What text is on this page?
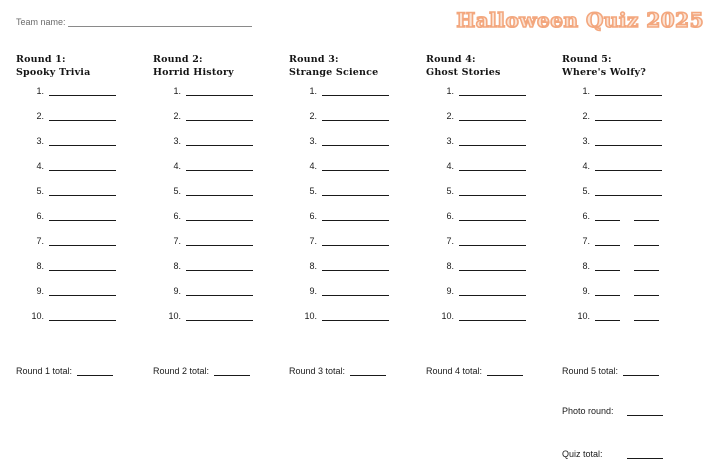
Team name:	Halloween Quiz 2025

Round 1:

Spooky Trivia

1.
2.
3.
4.
5.
6.
7.
8.
9.
10.
Round 1 total:

Round 2:

Horrid History

1.
2.
3.
4.
5.
6.
7.
8.
9.
10.
Round 2 total:

Round 3:

Strange Science

1.
2.
3.
4.
5.
6.
7.
8.
9.
10.
Round 3 total:

Round 4:

Ghost Stories

1.
2.
3.
4.
5.
6.
7.
8.
9.
10.
Round 4 total:

Round 5:

Where's Wolfy?

1.
2.
3.
4.
5.
6.
7.
8.
9.
10.
Round 5 total:
Photo round:
Quiz total:
